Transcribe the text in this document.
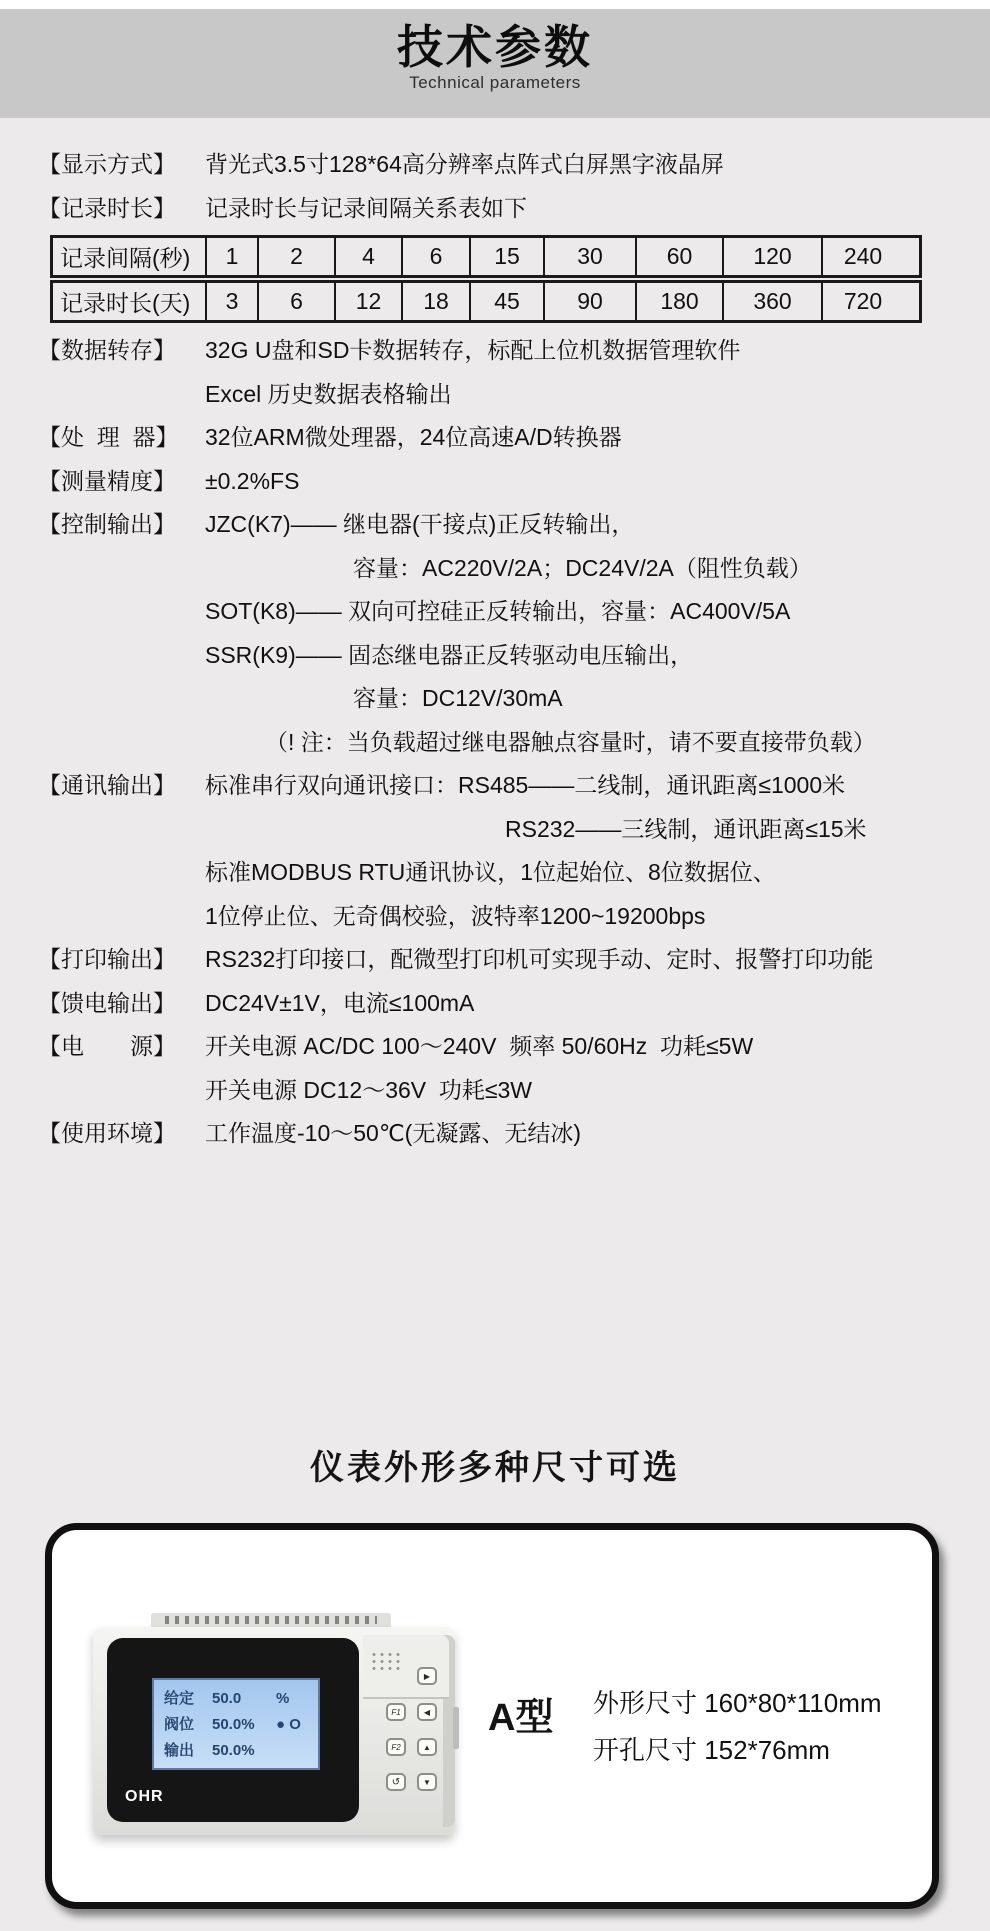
技术参数
Technical parameters
【显示方式】	背光式3.5寸128*64高分辨率点阵式白屏黑字液晶屏
【记录时长】	记录时长与记录间隔关系表如下
记录间隔(秒)	1	2	4	6	15	30	60	120	240
记录时长(天)	3	6	12	18	45	90	180	360	720
【数据转存】	32G U盘和SD卡数据转存，标配上位机数据管理软件
Excel 历史数据表格输出
【处  理  器】	32位ARM微处理器，24位高速A/D转换器
【测量精度】	±0.2%FS
【控制输出】	JZC(K7)—— 继电器(干接点)正反转输出，
容量：AC220V/2A；DC24V/2A（阻性负载）
SOT(K8)—— 双向可控硅正反转输出，容量：AC400V/5A
SSR(K9)—— 固态继电器正反转驱动电压输出，
容量：DC12V/30mA
（! 注：当负载超过继电器触点容量时，请不要直接带负载）
【通讯输出】	标准串行双向通讯接口：RS485——二线制，通讯距离≤1000米
RS232——三线制，通讯距离≤15米
标准MODBUS RTU通讯协议，1位起始位、8位数据位、
1位停止位、无奇偶校验，波特率1200~19200bps
【打印输出】	RS232打印接口，配微型打印机可实现手动、定时、报警打印功能
【馈电输出】	DC24V±1V，电流≤100mA
【电　　源】	开关电源 AC/DC 100～240V  频率 50/60Hz  功耗≤5W
开关电源 DC12～36V  功耗≤3W
【使用环境】	工作温度-10～50℃(无凝露、无结冰)
仪表外形多种尺寸可选
给定	50.0	%
阀位	50.0%	● O
输出	50.0%
OHR
▶
F1	◀
F2	▲
↺	▼
A型 外形尺寸 160*80*110mm
开孔尺寸 152*76mm
